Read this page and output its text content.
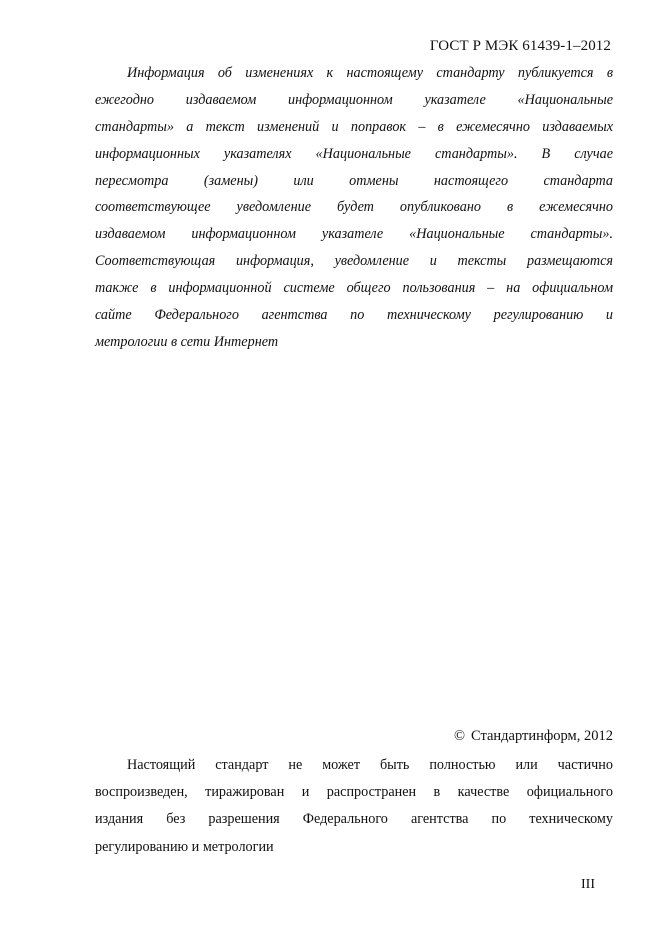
ГОСТ Р МЭК 61439-1–2012
Информация об изменениях к настоящему стандарту публикуется в
ежегодно издаваемом информационном указателе «Национальные
стандарты» а текст изменений и поправок – в ежемесячно издаваемых
информационных указателях «Национальные стандарты». В случае
пересмотра (замены) или отмены настоящего стандарта
соответствующее уведомление будет опубликовано в ежемесячно
издаваемом информационном указателе «Национальные стандарты».
Соответствующая информация, уведомление и тексты размещаются
также в информационной системе общего пользования – на официальном
сайте Федерального агентства по техническому регулированию и
метрологии в сети Интернет
© Стандартинформ, 2012
Настоящий стандарт не может быть полностью или частично
воспроизведен, тиражирован и распространен в качестве официального
издания без разрешения Федерального агентства по техническому
регулированию и метрологии
III
